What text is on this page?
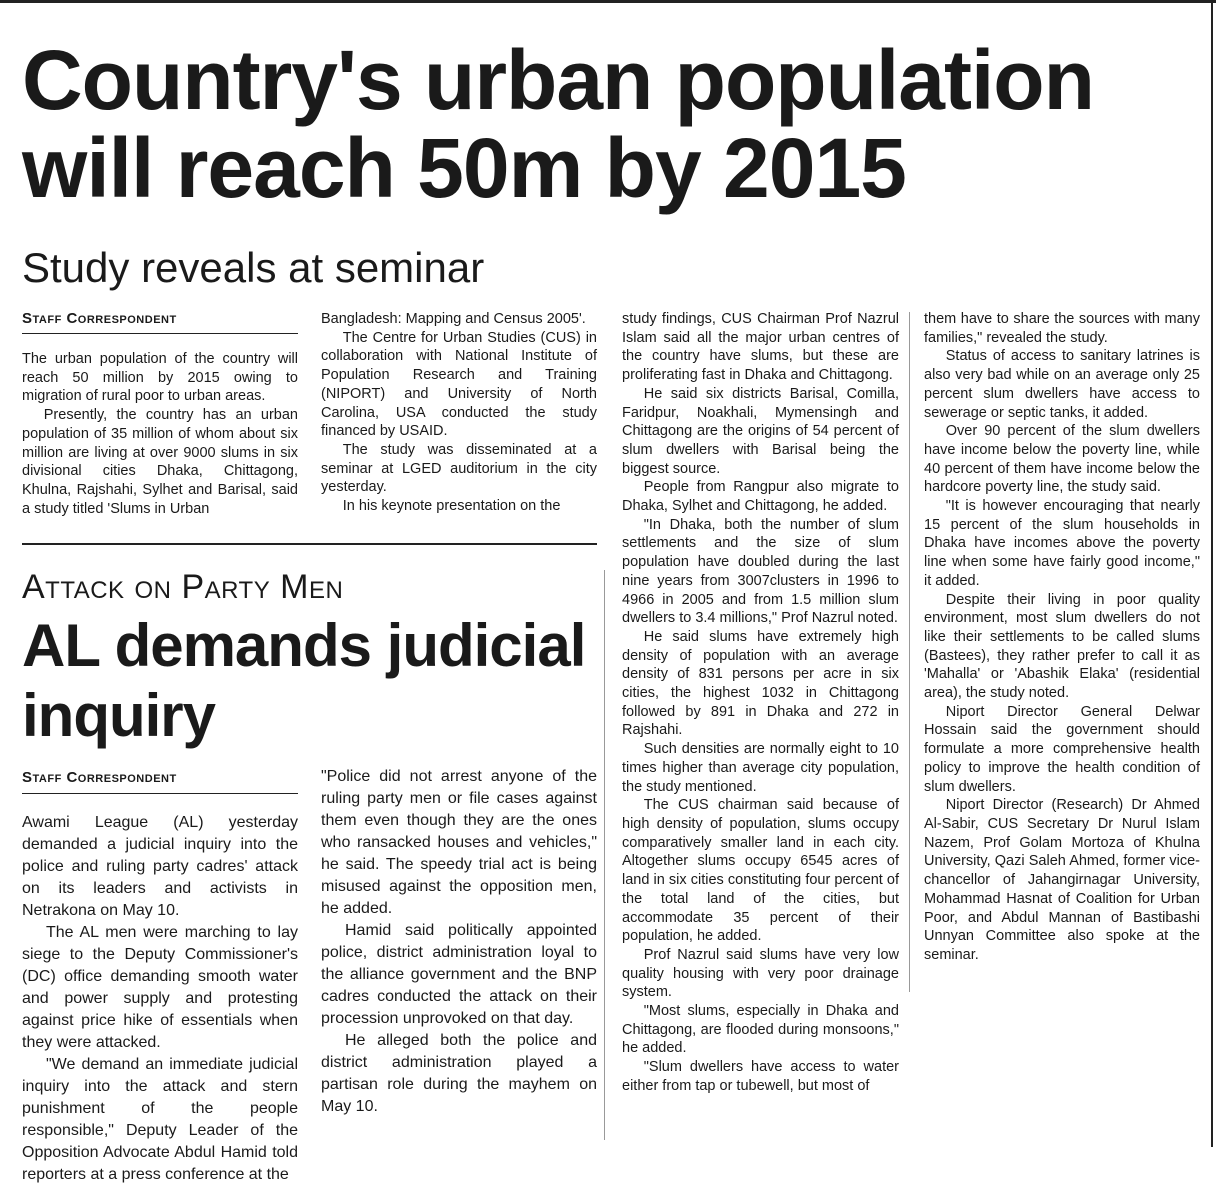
Country's urban population
will reach 50m by 2015
Study reveals at seminar
Staff Correspondent

The urban population of the country will reach 50 million by 2015 owing to migration of rural poor to urban areas.

Presently, the country has an urban population of 35 million of whom about six million are living at over 9000 slums in six divisional cities Dhaka, Chittagong, Khulna, Rajshahi, Sylhet and Barisal, said a study titled 'Slums in Urban

Bangladesh: Mapping and Census 2005'.

The Centre for Urban Studies (CUS) in collaboration with National Institute of Population Research and Training (NIPORT) and University of North Carolina, USA conducted the study financed by USAID.

The study was disseminated at a seminar at LGED auditorium in the city yesterday.

In his keynote presentation on the

study findings, CUS Chairman Prof Nazrul Islam said all the major urban centres of the country have slums, but these are proliferating fast in Dhaka and Chittagong.

He said six districts Barisal, Comilla, Faridpur, Noakhali, Mymensingh and Chittagong are the origins of 54 percent of slum dwellers with Barisal being the biggest source.

People from Rangpur also migrate to Dhaka, Sylhet and Chittagong, he added.

"In Dhaka, both the number of slum settlements and the size of slum population have doubled during the last nine years from 3007clusters in 1996 to 4966 in 2005 and from 1.5 million slum dwellers to 3.4 millions," Prof Nazrul noted.

He said slums have extremely high density of population with an average density of 831 persons per acre in six cities, the highest 1032 in Chittagong followed by 891 in Dhaka and 272 in Rajshahi.

Such densities are normally eight to 10 times higher than average city population, the study mentioned.

The CUS chairman said because of high density of population, slums occupy comparatively smaller land in each city. Altogether slums occupy 6545 acres of land in six cities constituting four percent of the total land of the cities, but accommodate 35 percent of their population, he added.

Prof Nazrul said slums have very low quality housing with very poor drainage system.

"Most slums, especially in Dhaka and Chittagong, are flooded during monsoons," he added.

"Slum dwellers have access to water either from tap or tubewell, but most of

them have to share the sources with many families," revealed the study.

Status of access to sanitary latrines is also very bad while on an average only 25 percent slum dwellers have access to sewerage or septic tanks, it added.

Over 90 percent of the slum dwellers have income below the poverty line, while 40 percent of them have income below the hardcore poverty line, the study said.

"It is however encouraging that nearly 15 percent of the slum households in Dhaka have incomes above the poverty line when some have fairly good income," it added.

Despite their living in poor quality environment, most slum dwellers do not like their settlements to be called slums (Bastees), they rather prefer to call it as 'Mahalla' or 'Abashik Elaka' (residential area), the study noted.

Niport Director General Delwar Hossain said the government should formulate a more comprehensive health policy to improve the health condition of slum dwellers.

Niport Director (Research) Dr Ahmed Al-Sabir, CUS Secretary Dr Nurul Islam Nazem, Prof Golam Mortoza of Khulna University, Qazi Saleh Ahmed, former vice-chancellor of Jahangirnagar University, Mohammad Hasnat of Coalition for Urban Poor, and Abdul Mannan of Bastibashi Unnyan Committee also spoke at the seminar.

Attack on Party Men
AL demands judicial
inquiry
Staff Correspondent

Awami League (AL) yesterday demanded a judicial inquiry into the police and ruling party cadres' attack on its leaders and activists in Netrakona on May 10.

The AL men were marching to lay siege to the Deputy Commissioner's (DC) office demanding smooth water and power supply and protesting against price hike of essentials when they were attacked.

"We demand an immediate judicial inquiry into the attack and stern punishment of the people responsible," Deputy Leader of the Opposition Advocate Abdul Hamid told reporters at a press conference at the

"Police did not arrest anyone of the ruling party men or file cases against them even though they are the ones who ransacked houses and vehicles," he said. The speedy trial act is being misused against the opposition men, he added.

Hamid said politically appointed police, district administration loyal to the alliance government and the BNP cadres conducted the attack on their procession unprovoked on that day.

He alleged both the police and district administration played a partisan role during the mayhem on May 10.
